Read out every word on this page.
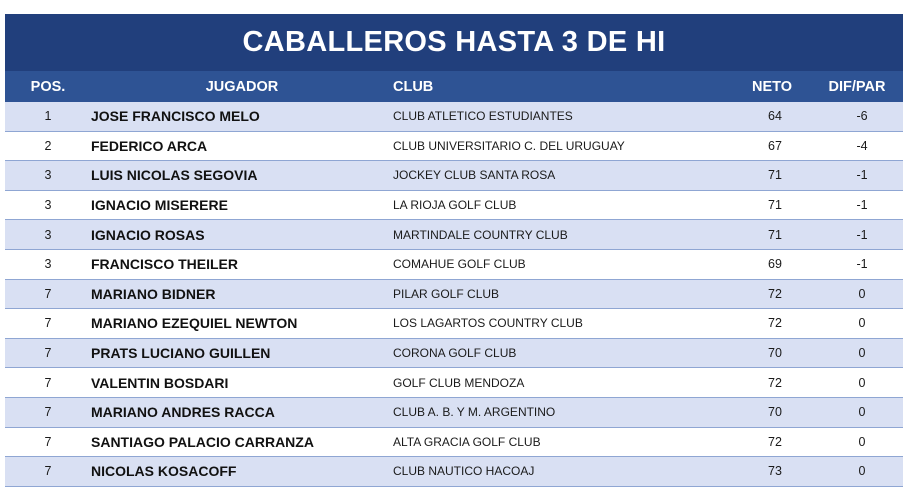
CABALLEROS HASTA 3 DE HI
POS.	JUGADOR	CLUB	NETO	DIF/PAR
1	JOSE FRANCISCO MELO	CLUB ATLETICO ESTUDIANTES	64	-6
2	FEDERICO ARCA	CLUB UNIVERSITARIO C. DEL URUGUAY	67	-4
3	LUIS NICOLAS SEGOVIA	JOCKEY CLUB SANTA ROSA	71	-1
3	IGNACIO MISERERE	LA RIOJA GOLF CLUB	71	-1
3	IGNACIO ROSAS	MARTINDALE COUNTRY CLUB	71	-1
3	FRANCISCO THEILER	COMAHUE GOLF CLUB	69	-1
7	MARIANO BIDNER	PILAR GOLF CLUB	72	0
7	MARIANO EZEQUIEL NEWTON	LOS LAGARTOS COUNTRY CLUB	72	0
7	PRATS LUCIANO GUILLEN	CORONA GOLF CLUB	70	0
7	VALENTIN BOSDARI	GOLF CLUB MENDOZA	72	0
7	MARIANO ANDRES RACCA	CLUB A. B. Y M. ARGENTINO	70	0
7	SANTIAGO PALACIO CARRANZA	ALTA GRACIA GOLF CLUB	72	0
7	NICOLAS KOSACOFF	CLUB NAUTICO HACOAJ	73	0
